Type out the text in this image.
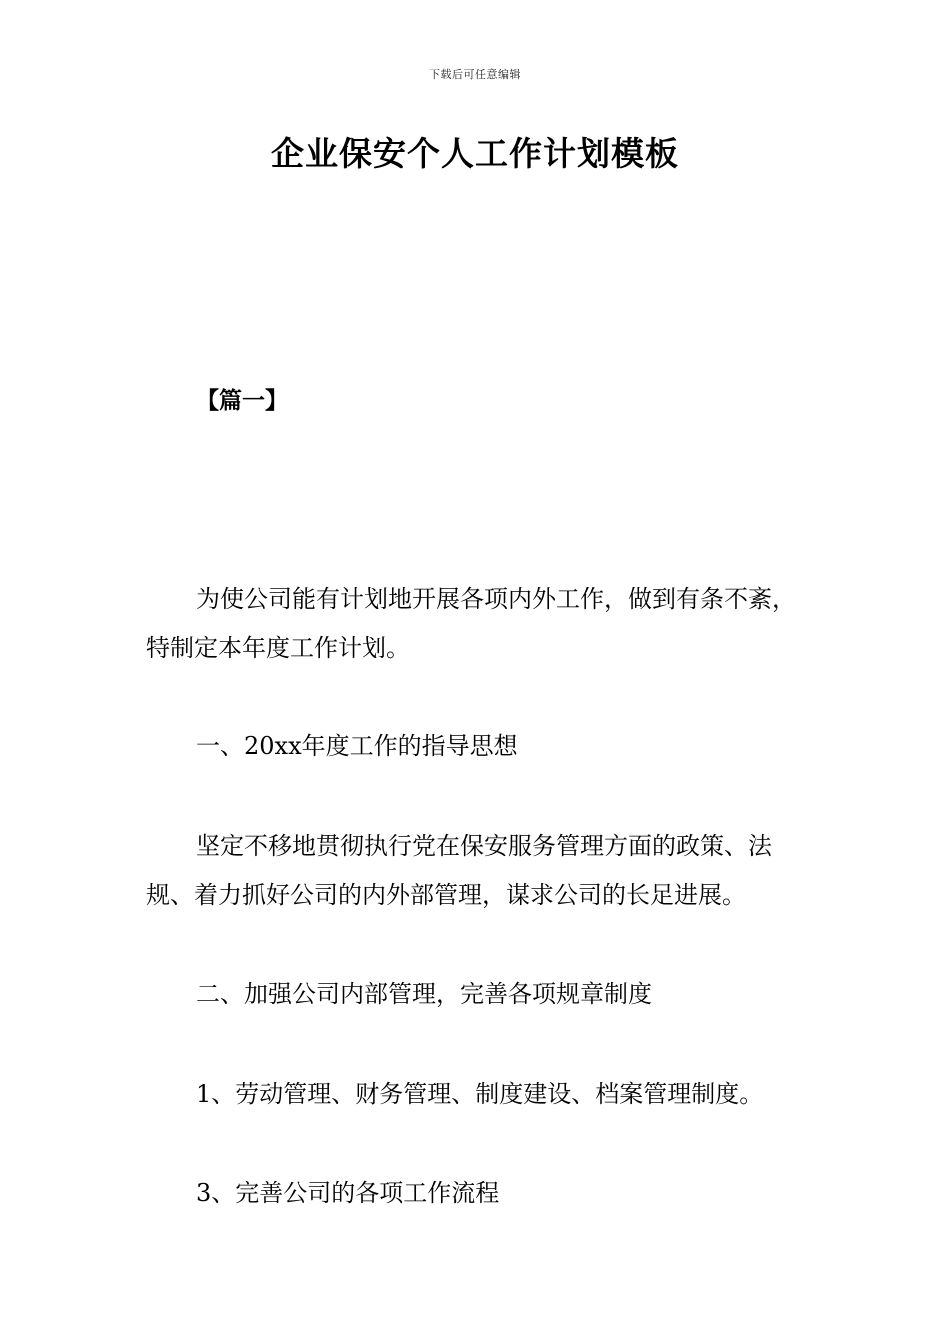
下载后可任意编辑
企业保安个人工作计划模板
【篇一】

为使公司能有计划地开展各项内外工作，做到有条不紊，特制定本年度工作计划。

一、20xx年度工作的指导思想

坚定不移地贯彻执行党在保安服务管理方面的政策、法规、着力抓好公司的内外部管理，谋求公司的长足进展。

二、加强公司内部管理，完善各项规章制度

1、劳动管理、财务管理、制度建设、档案管理制度。

3、完善公司的各项工作流程
